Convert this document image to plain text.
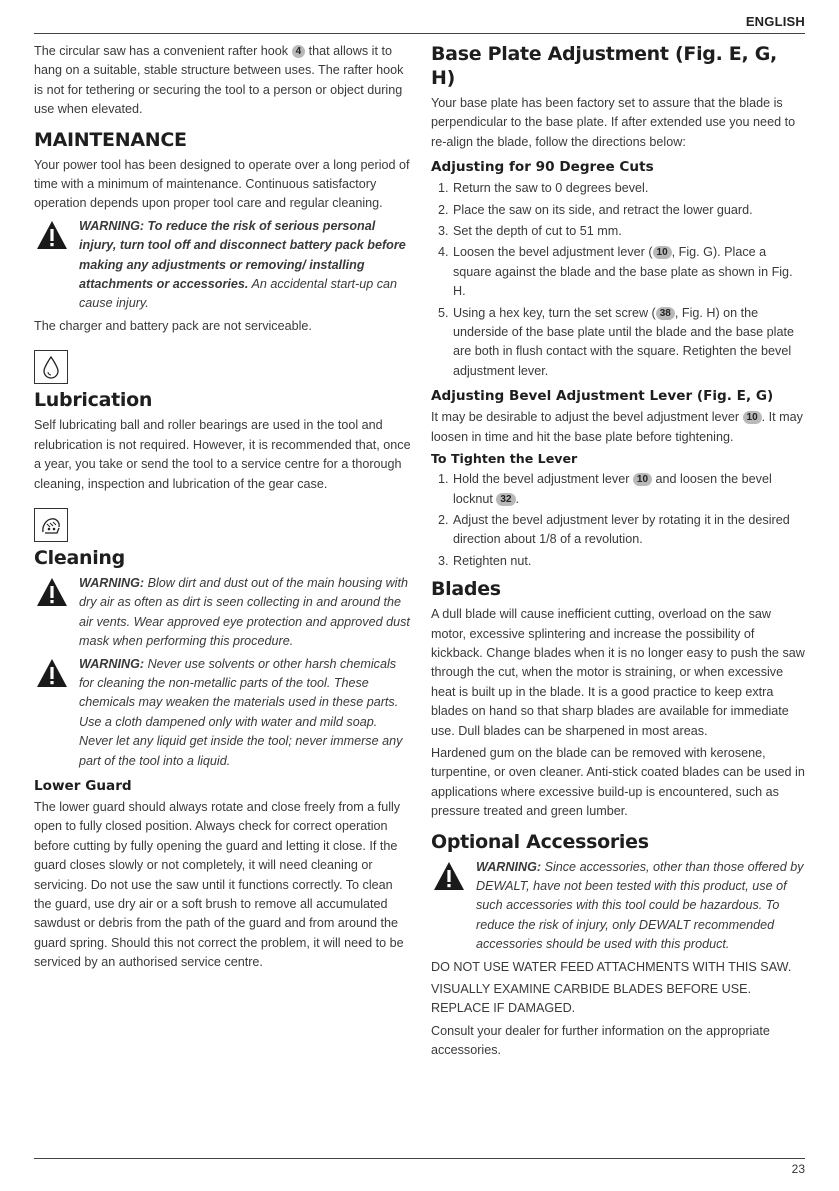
ENGLISH

The circular saw has a convenient rafter hook 4 that allows it to hang on a suitable, stable structure between uses. The rafter hook is not for tethering or securing the tool to a person or object during use when elevated.

MAINTENANCE

Your power tool has been designed to operate over a long period of time with a minimum of maintenance. Continuous satisfactory operation depends upon proper tool care and regular cleaning.

WARNING: To reduce the risk of serious personal injury, turn tool off and disconnect battery pack before making any adjustments or removing/ installing attachments or accessories. An accidental start-up can cause injury.

The charger and battery pack are not serviceable.

Lubrication

Self lubricating ball and roller bearings are used in the tool and relubrication is not required. However, it is recommended that, once a year, you take or send the tool to a service centre for a thorough cleaning, inspection and lubrication of the gear case.

Cleaning
WARNING: Blow dirt and dust out of the main housing with dry air as often as dirt is seen collecting in and around the air vents. Wear approved eye protection and approved dust mask when performing this procedure.
WARNING: Never use solvents or other harsh chemicals for cleaning the non-metallic parts of the tool. These chemicals may weaken the materials used in these parts. Use a cloth dampened only with water and mild soap. Never let any liquid get inside the tool; never immerse any part of the tool into a liquid.
Lower Guard

The lower guard should always rotate and close freely from a fully open to fully closed position. Always check for correct operation before cutting by fully opening the guard and letting it close. If the guard closes slowly or not completely, it will need cleaning or servicing. Do not use the saw until it functions correctly. To clean the guard, use dry air or a soft brush to remove all accumulated sawdust or debris from the path of the guard and from around the guard spring. Should this not correct the problem, it will need to be serviced by an authorised service centre.

Base Plate Adjustment (Fig. E, G, H)

Your base plate has been factory set to assure that the blade is perpendicular to the base plate. If after extended use you need to re-align the blade, follow the directions below:

Adjusting for 90 Degree Cuts
1. Return the saw to 0 degrees bevel.
2. Place the saw on its side, and retract the lower guard.
3. Set the depth of cut to 51 mm.
4. Loosen the bevel adjustment lever ( 10 , Fig. G). Place a square against the blade and the base plate as shown in Fig. H.
5. Using a hex key, turn the set screw ( 38 , Fig. H) on the underside of the base plate until the blade and the base plate are both in flush contact with the square. Retighten the bevel adjustment lever.
Adjusting Bevel Adjustment Lever (Fig. E, G)

It may be desirable to adjust the bevel adjustment lever 10 . It may loosen in time and hit the base plate before tightening.

To Tighten the Lever
1. Hold the bevel adjustment lever 10 and loosen the bevel locknut 32 .
2. Adjust the bevel adjustment lever by rotating it in the desired direction about 1/8 of a revolution.
3. Retighten nut.
Blades

A dull blade will cause inefficient cutting, overload on the saw motor, excessive splintering and increase the possibility of kickback. Change blades when it is no longer easy to push the saw through the cut, when the motor is straining, or when excessive heat is built up in the blade. It is a good practice to keep extra blades on hand so that sharp blades are available for immediate use. Dull blades can be sharpened in most areas.

Hardened gum on the blade can be removed with kerosene, turpentine, or oven cleaner. Anti-stick coated blades can be used in applications where excessive build-up is encountered, such as pressure treated and green lumber.

Optional Accessories
WARNING: Since accessories, other than those offered by DEWALT, have not been tested with this product, use of such accessories with this tool could be hazardous. To reduce the risk of injury, only DEWALT recommended accessories should be used with this product.

DO NOT USE WATER FEED ATTACHMENTS WITH THIS SAW.

VISUALLY EXAMINE CARBIDE BLADES BEFORE USE. REPLACE IF DAMAGED.

Consult your dealer for further information on the appropriate accessories.

23
